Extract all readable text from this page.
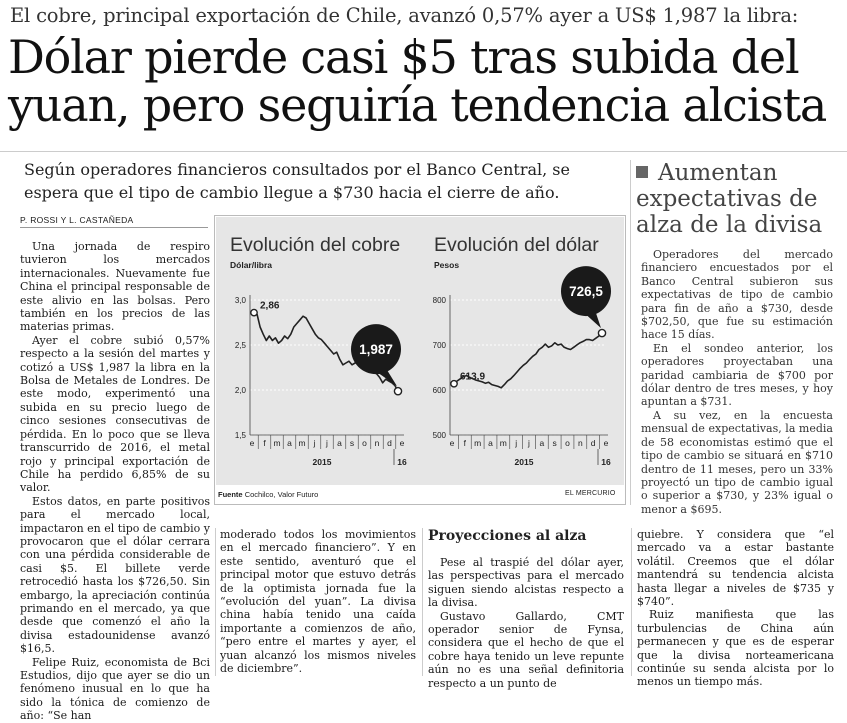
El cobre, principal exportación de Chile, avanzó 0,57% ayer a US$ 1,987 la libra:
Dólar pierde casi $5 tras subida del yuan, pero seguiría tendencia alcista
Según operadores financieros consultados por el Banco Central, se espera que el tipo de cambio llegue a $730 hacia el cierre de año.
P. ROSSI Y L. CASTAÑEDA

Una jornada de respiro tuvieron los mercados internacionales. Nuevamente fue China el principal responsable de este alivio en las bolsas. Pero también en los precios de las materias primas.

Ayer el cobre subió 0,57% respecto a la sesión del martes y cotizó a US$ 1,987 la libra en la Bolsa de Metales de Londres. De este modo, experimentó una subida en su precio luego de cinco sesiones consecutivas de pérdida. En lo poco que se lleva transcurrido de 2016, el metal rojo y principal exportación de Chile ha perdido 6,85% de su valor.

Estos datos, en parte positivos para el mercado local, impactaron en el tipo de cambio y provocaron que el dólar cerrara con una pérdida considerable de casi $5. El billete verde retrocedió hasta los $726,50. Sin embargo, la apreciación continúa primando en el mercado, ya que desde que comenzó el año la divisa estadounidense avanzó $16,5.

Felipe Ruiz, economista de Bci Estudios, dijo que ayer se dio un fenómeno inusual en lo que ha sido la tónica de comienzo de año: “Se han

moderado todos los movimientos en el mercado financiero”. Y en este sentido, aventuró que el principal motor que estuvo detrás de la optimista jornada fue la “evolución del yuan”. La divisa china había tenido una caída importante a comienzos de año, “pero entre el martes y ayer, el yuan alcanzó los mismos niveles de diciembre”.

Proyecciones al alza

Pese al traspié del dólar ayer, las perspectivas para el mercado siguen siendo alcistas respecto a la divisa.

Gustavo Gallardo, CMT operador senior de Fynsa, considera que el hecho de que el cobre haya tenido un leve repunte aún no es una señal definitoria respecto a un punto de

quiebre. Y considera que “el mercado va a estar bastante volátil. Creemos que el dólar mantendrá su tendencia alcista hasta llegar a niveles de $735 y $740”.

Ruiz manifiesta que las turbulencias de China aún permanecen y que es de esperar que la divisa norteamericana continúe su senda alcista por lo menos un tiempo más.

Aumentan expectativas de alza de la divisa

Operadores del mercado financiero encuestados por el Banco Central subieron sus expectativas de tipo de cambio para fin de año a $730, desde $702,50, que fue su estimación hace 15 días.

En el sondeo anterior, los operadores proyectaban una paridad cambiaria de $700 por dólar dentro de tres meses, y hoy apuntan a $731.

A su vez, en la encuesta mensual de expectativas, la media de 58 economistas estimó que el tipo de cambio se situará en $710 dentro de 11 meses, pero un 33% proyectó un tipo de cambio igual o superior a $730, y 23% igual o menor a $695.

Evolución del cobre
Dólar/libra
3,0
2,5
2,0
1,5
e f m a m j j a s o n d e
2015	16
2,86
1,987
Evolución del dólar
Pesos
800
700
600
500
e f m a m j j a s o n d e
2015	16
613,9
726,5
Fuente Cochilco, Valor Futuro	EL MERCURIO
